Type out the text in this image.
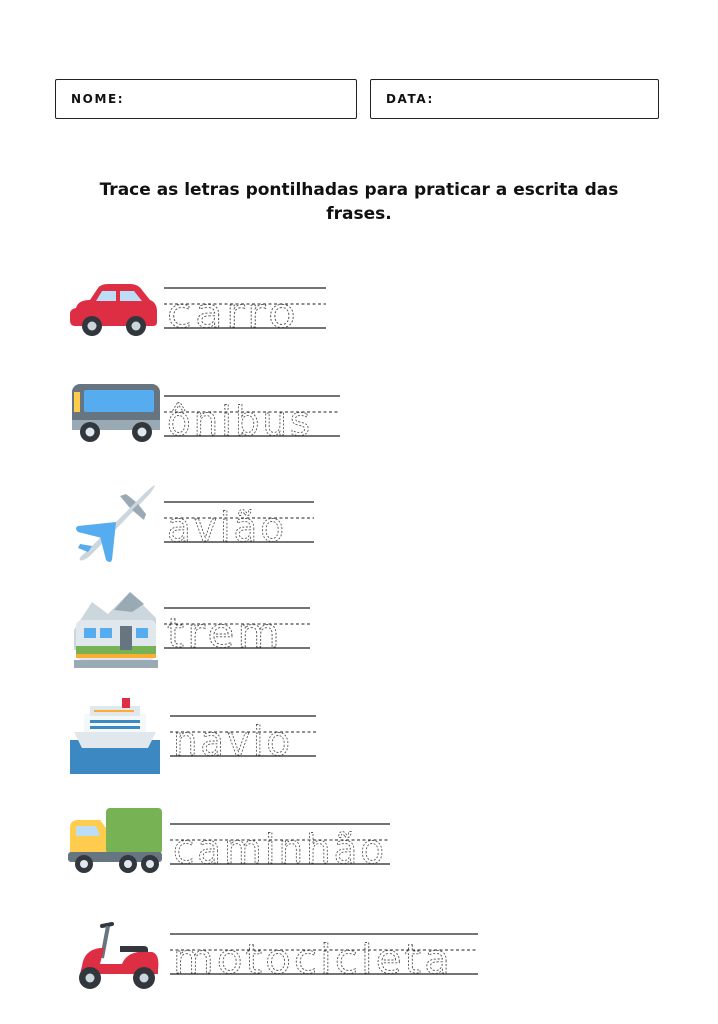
NOME:	DATA:
Trace as letras pontilhadas para praticar a escrita das frases.
carro
ônibus
avião
trem
navio
caminhão
motocicleta
